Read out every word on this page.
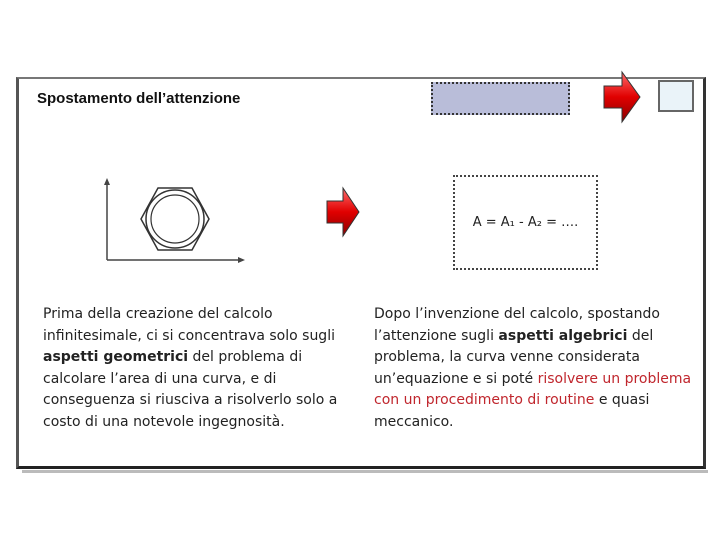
Spostamento dell’attenzione
A = A₁ - A₂ = ….
Prima della creazione del calcolo infinitesimale, ci si concentrava solo sugli aspetti geometrici del problema di calcolare l’area di una curva, e di conseguenza si riusciva a risolverlo solo a costo di una notevole ingegnosità.
Dopo l’invenzione del calcolo, spostando l’attenzione sugli aspetti algebrici del problema, la curva venne considerata un’equazione e si poté risolvere un problema con un procedimento di routine e quasi meccanico.
